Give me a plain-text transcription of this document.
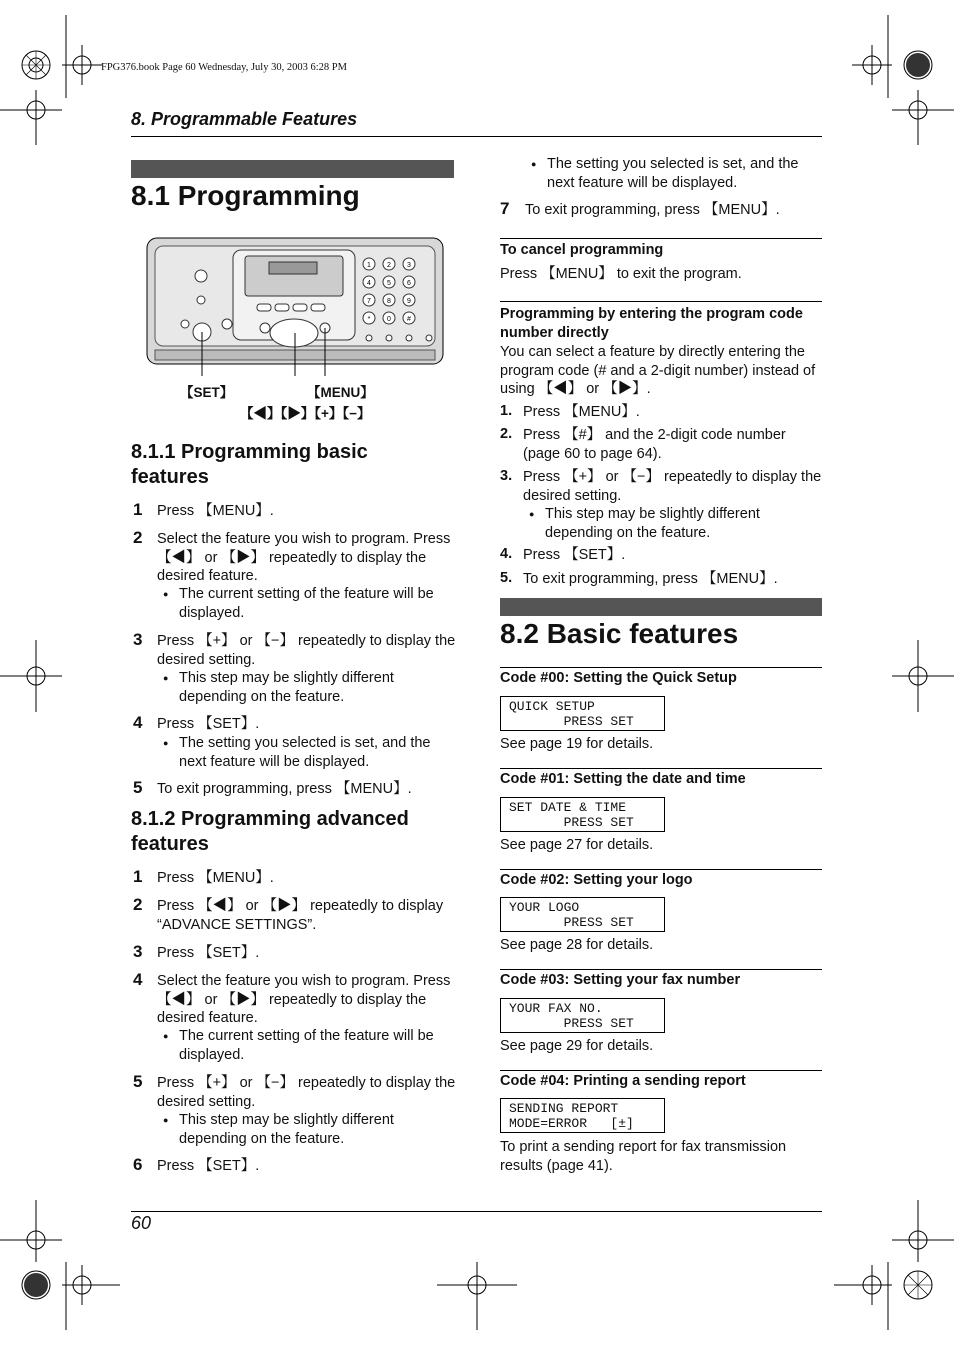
FPG376.book Page 60 Wednesday, July 30, 2003 6:28 PM
8. Programmable Features
8.1 Programming
1 2 3
4 5 6
7 8 9
* 0 #
【SET】	【MENU】
【◀】【▶】【+】【−】
8.1.1 Programming basic features
1 Press 【MENU】.
2 Select the feature you wish to program. Press 【◀】 or 【▶】 repeatedly to display the desired feature.
● The current setting of the feature will be displayed.
3 Press 【+】 or 【−】 repeatedly to display the desired setting.
● This step may be slightly different depending on the feature.
4 Press 【SET】.
● The setting you selected is set, and the next feature will be displayed.
5 To exit programming, press 【MENU】.
8.1.2 Programming advanced features
1 Press 【MENU】.
2 Press 【◀】 or 【▶】 repeatedly to display “ADVANCE SETTINGS”.
3 Press 【SET】.
4 Select the feature you wish to program. Press 【◀】 or 【▶】 repeatedly to display the desired feature.
● The current setting of the feature will be displayed.
5 Press 【+】 or 【−】 repeatedly to display the desired setting.
● This step may be slightly different depending on the feature.
6 Press 【SET】.
● The setting you selected is set, and the next feature will be displayed.
7 To exit programming, press 【MENU】.
To cancel programming
Press 【MENU】 to exit the program.
Programming by entering the program code number directly
You can select a feature by directly entering the program code (# and a 2-digit number) instead of using 【◀】 or 【▶】.
1. Press 【MENU】.
2. Press 【#】 and the 2-digit code number (page 60 to page 64).
3. Press 【+】 or 【−】 repeatedly to display the desired setting.
● This step may be slightly different depending on the feature.
4. Press 【SET】.
5. To exit programming, press 【MENU】.
8.2 Basic features
Code #00: Setting the Quick Setup
QUICK SETUP
PRESS SET
See page 19 for details.
Code #01: Setting the date and time
SET DATE & TIME
PRESS SET
See page 27 for details.
Code #02: Setting your logo
YOUR LOGO
PRESS SET
See page 28 for details.
Code #03: Setting your fax number
YOUR FAX NO.
PRESS SET
See page 29 for details.
Code #04: Printing a sending report
SENDING REPORT
MODE=ERROR   [±]
To print a sending report for fax transmission results (page 41).
60
